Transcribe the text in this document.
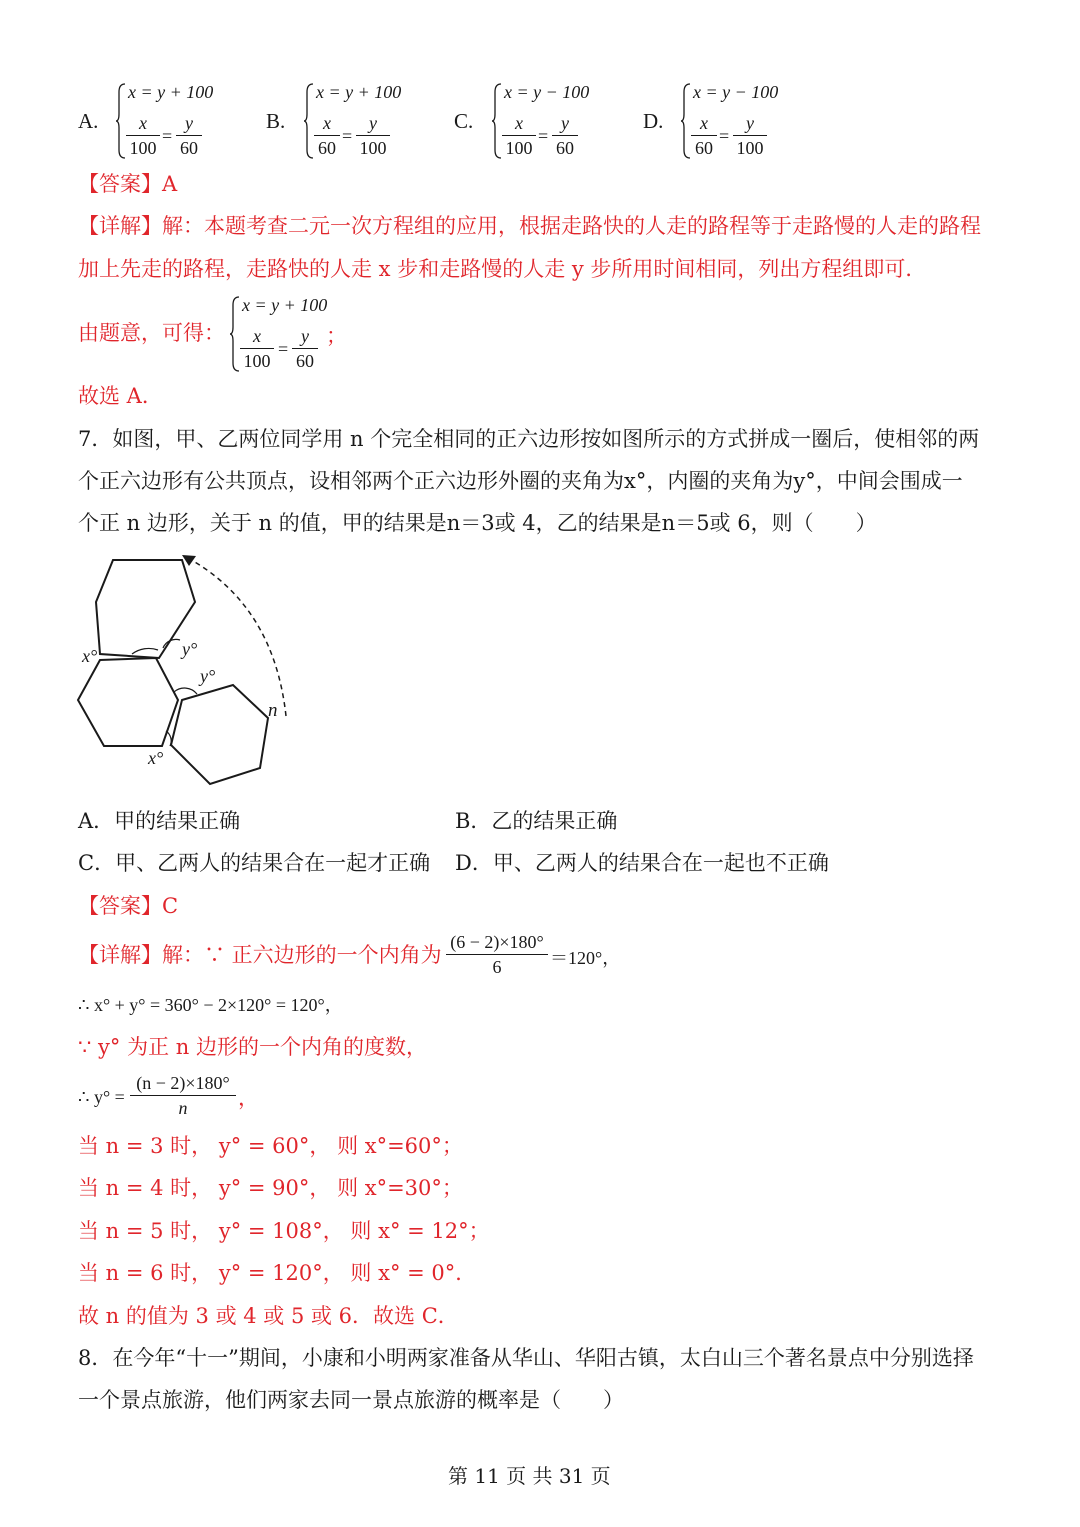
A.
x = y + 100
x
100
=
y
60
B.
x = y + 100
x
60
=
y
100
C.
x = y − 100
x
100
=
y
60
D.
x = y − 100
x
60
=
y
100
【答案】A
【详解】解：本题考查二元一次方程组的应用，根据走路快的人走的路程等于走路慢的人走的路程
加上先走的路程，走路快的人走 x 步和走路慢的人走 y 步所用时间相同，列出方程组即可．
由题意，可得：
x = y + 100
x
100
=
y
60
；
故选 A．
7．如图，甲、乙两位同学用 n 个完全相同的正六边形按如图所示的方式拼成一圈后，使相邻的两
个正六边形有公共顶点，设相邻两个正六边形外圈的夹角为x°，内圈的夹角为y°，中间会围成一
个正 n 边形，关于 n 的值，甲的结果是n＝3或 4，乙的结果是n＝5或 6，则（　　）
x°	y°
y°
x°
n
A．甲的结果正确	B．乙的结果正确
C．甲、乙两人的结果合在一起才正确 D．甲、乙两人的结果合在一起也不正确
【答案】C
【详解】解：∵ 正六边形的一个内角为
(6 − 2)×180°
6	＝120°，
∴ x° + y° = 360° − 2×120° = 120°，
∵ y° 为正 n 边形的一个内角的度数，
∴ y° =
(n − 2)×180°
n	，
当 n = 3 时， y° = 60°， 则 x°=60°；
当 n = 4 时， y° = 90°， 则 x°=30°；
当 n = 5 时， y° = 108°， 则 x° = 12°；
当 n = 6 时， y° = 120°， 则 x° = 0°．
故 n 的值为 3 或 4 或 5 或 6．故选 C．
8．在今年“十一”期间，小康和小明两家准备从华山、华阳古镇，太白山三个著名景点中分别选择
一个景点旅游，他们两家去同一景点旅游的概率是（　　）
第 11 页 共 31 页
